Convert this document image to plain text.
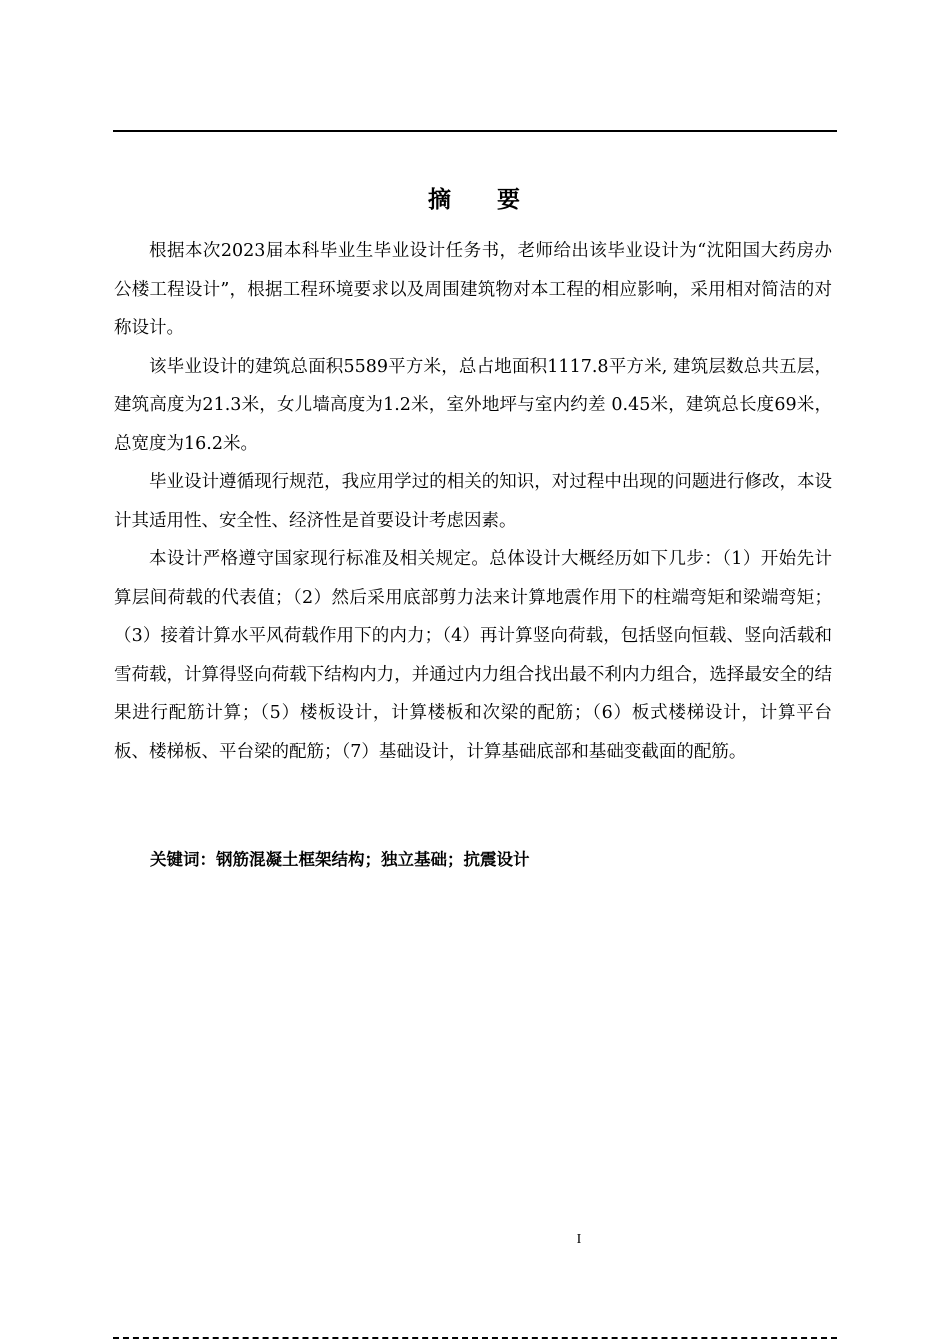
摘 要

根据本次2023届本科毕业生毕业设计任务书，老师给出该毕业设计为“沈阳国大药房办公楼工程设计”，根据工程环境要求以及周围建筑物对本工程的相应影响，采用相对简洁的对称设计。

该毕业设计的建筑总面积5589平方米，总占地面积1117.8平方米, 建筑层数总共五层，建筑高度为21.3米，女儿墙高度为1.2米，室外地坪与室内约差 0.45米，建筑总长度69米，总宽度为16.2米。

毕业设计遵循现行规范，我应用学过的相关的知识，对过程中出现的问题进行修改，本设计其适用性、安全性、经济性是首要设计考虑因素。

本设计严格遵守国家现行标准及相关规定。总体设计大概经历如下几步：（1）开始先计算层间荷载的代表值；（2）然后采用底部剪力法来计算地震作用下的柱端弯矩和梁端弯矩；（3）接着计算水平风荷载作用下的内力；（4）再计算竖向荷载，包括竖向恒载、竖向活载和雪荷载，计算得竖向荷载下结构内力，并通过内力组合找出最不利内力组合，选择最安全的结果进行配筋计算；（5）楼板设计，计算楼板和次梁的配筋；（6）板式楼梯设计，计算平台板、楼梯板、平台梁的配筋；（7）基础设计，计算基础底部和基础变截面的配筋。

关键词：钢筋混凝土框架结构；独立基础；抗震设计
I
